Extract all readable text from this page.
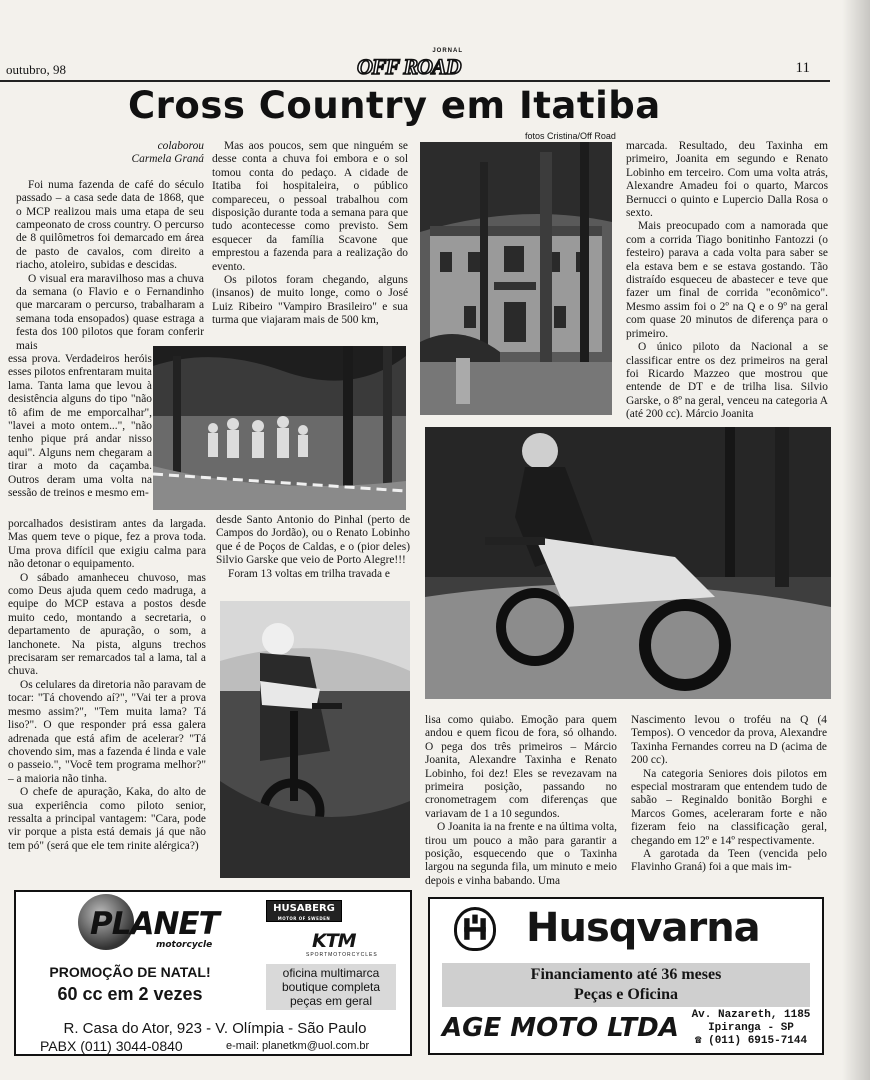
outubro, 98
JORNAL
OFF ROAD	11
Cross Country em Itatiba

colaborou

Carmela Graná

Foi numa fazenda de café do século passado – a casa sede data de 1868, que o MCP realizou mais uma etapa de seu campeonato de cross country. O percurso de 8 quilômetros foi demarcado em área de pasto de cavalos, com direito a riacho, atoleiro, subidas e descidas.

O visual era maravilhoso mas a chuva da semana (o Flavio e o Fernandinho que marcaram o percurso, trabalharam a semana toda ensopados) quase estraga a festa dos 100 pilotos que foram conferir mais

essa prova. Verdadeiros heróis esses pilotos enfrentaram muita lama. Tanta lama que levou à desistência alguns do tipo "não tô afim de me emporcalhar", "lavei a moto ontem...", "não tenho pique prá andar nisso aqui". Alguns nem chegaram a tirar a moto da caçamba. Outros deram uma volta na sessão de treinos e mesmo em-

porcalhados desistiram antes da largada. Mas quem teve o pique, fez a prova toda. Uma prova difícil que exigiu calma para não detonar o equipamento.

O sábado amanheceu chuvoso, mas como Deus ajuda quem cedo madruga, a equipe do MCP estava a postos desde muito cedo, montando a secretaria, o departamento de apuração, o som, a lanchonete. Na pista, alguns trechos precisaram ser remarcados tal a lama, tal a chuva.

Os celulares da diretoria não paravam de tocar: "Tá chovendo aí?", "Vai ter a prova mesmo assim?", "Tem muita lama? Tá liso?". O que responder prá essa galera adrenada que está afim de acelerar? "Tá chovendo sim, mas a fazenda é linda e vale o passeio.", "Você tem programa melhor?" – a maioria não tinha.

O chefe de apuração, Kaka, do alto de sua experiência como piloto senior, ressalta a principal vantagem: "Cara, pode vir porque a pista está demais já que não tem pó" (será que ele tem rinite alérgica?)

Mas aos poucos, sem que ninguém se desse conta a chuva foi embora e o sol tomou conta do pedaço. A cidade de Itatiba foi hospitaleira, o público compareceu, o pessoal trabalhou com disposição durante toda a semana para que tudo acontecesse como previsto. Sem esquecer da família Scavone que emprestou a fazenda para a realização do evento.

Os pilotos foram chegando, alguns (insanos) de muito longe, como o José Luiz Ribeiro "Vampiro Brasileiro" e sua turma que viajaram mais de 500 km,

desde Santo Antonio do Pinhal (perto de Campos do Jordão), ou o Renato Lobinho que é de Poços de Caldas, e o (pior deles) Silvio Garske que veio de Porto Alegre!!!

Foram 13 voltas em trilha travada e

fotos Cristina/Off Road

lisa como quiabo. Emoção para quem andou e quem ficou de fora, só olhando. O pega dos três primeiros – Márcio Joanita, Alexandre Taxinha e Renato Lobinho, foi dez! Eles se revezavam na primeira posição, passando no cronometragem com diferenças que variavam de 1 a 10 segundos.

O Joanita ia na frente e na última volta, tirou um pouco a mão para garantir a posição, esquecendo que o Taxinha largou na segunda fila, um minuto e meio depois e vinha babando. Uma

marcada. Resultado, deu Taxinha em primeiro, Joanita em segundo e Renato Lobinho em terceiro. Com uma volta atrás, Alexandre Amadeu foi o quarto, Marcos Bernucci o quinto e Lupercio Dalla Rosa o sexto.

Mais preocupado com a namorada que com a corrida Tiago bonitinho Fantozzi (o festeiro) parava a cada volta para saber se ela estava bem e se estava gostando. Tão distraído esqueceu de abastecer e teve que fazer um final de corrida "econômico". Mesmo assim foi o 2º na Q e o 9º na geral com quase 20 minutos de diferença para o primeiro.

O único piloto da Nacional a se classificar entre os dez primeiros na geral foi Ricardo Mazzeo que mostrou que entende de DT e de trilha lisa. Silvio Garske, o 8º na geral, venceu na categoria A (até 200 cc). Márcio Joanita

Nascimento levou o troféu na Q (4 Tempos). O vencedor da prova, Alexandre Taxinha Fernandes correu na D (acima de 200 cc).

Na categoria Seniores dois pilotos em especial mostraram que entendem tudo de sabão – Reginaldo bonitão Borghi e Marcos Gomes, aceleraram forte e não fizeram feio na classificação geral, chegando em 12º e 14º respectivamente.

A garotada da Teen (vencida pelo Flavinho Graná) foi a que mais im-

PLANET
motorcycle
PROMOÇÃO DE NATAL!
60 cc em 2 vezes
HUSABERG
MOTOR OF SWEDEN
KTM
SPORTMOTORCYCLES
oficina multimarca
boutique completa
peças em geral
R. Casa do Ator, 923 - V. Olímpia - São Paulo
PABX (011) 3044-0840	e-mail: planetkm@uol.com.br
Husqvarna
Financiamento até 36 meses
Peças e Oficina
AGE MOTO LTDA	Av. Nazareth, 1185
Ipiranga - SP
☎ (011) 6915-7144
